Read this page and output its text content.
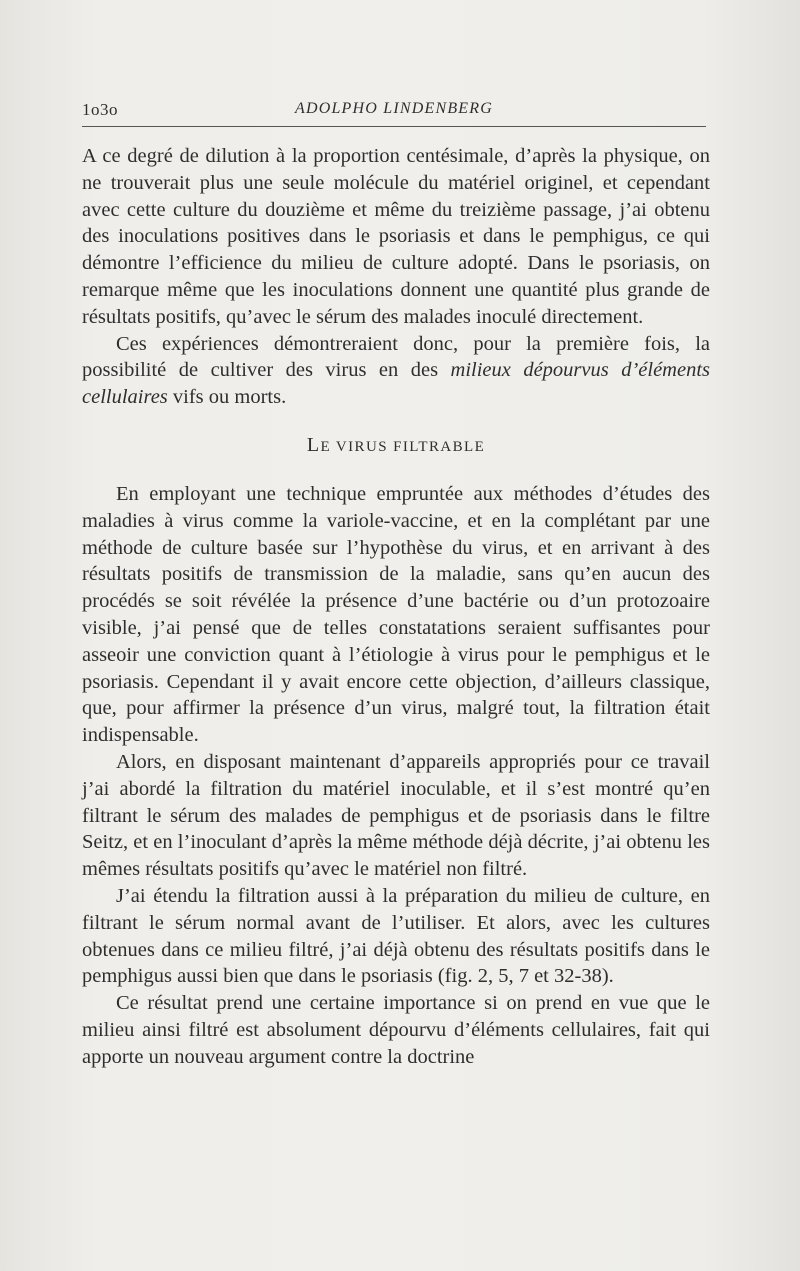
1o3o	ADOLPHO LINDENBERG

A ce degré de dilution à la proportion centésimale, d’après la physique, on ne trouverait plus une seule molécule du matériel originel, et cependant avec cette culture du douzième et même du treizième passage, j’ai obtenu des inoculations positives dans le psoriasis et dans le pemphigus, ce qui démontre l’efficience du milieu de culture adopté. Dans le psoriasis, on remarque même que les inoculations donnent une quantité plus grande de résultats positifs, qu’avec le sérum des malades inoculé directement.

Ces expériences démontreraient donc, pour la première fois, la possibilité de cultiver des virus en des milieux dépourvus d’éléments cellulaires vifs ou morts.

LE VIRUS FILTRABLE

En employant une technique empruntée aux méthodes d’études des maladies à virus comme la variole-vaccine, et en la complétant par une méthode de culture basée sur l’hypothèse du virus, et en arrivant à des résultats positifs de transmission de la maladie, sans qu’en aucun des procédés se soit révélée la présence d’une bactérie ou d’un protozoaire visible, j’ai pensé que de telles constatations seraient suffisantes pour asseoir une conviction quant à l’étiologie à virus pour le pemphigus et le psoriasis. Cependant il y avait encore cette objection, d’ailleurs classique, que, pour affirmer la présence d’un virus, malgré tout, la filtration était indispensable.

Alors, en disposant maintenant d’appareils appropriés pour ce travail j’ai abordé la filtration du matériel inoculable, et il s’est montré qu’en filtrant le sérum des malades de pemphigus et de psoriasis dans le filtre Seitz, et en l’inoculant d’après la même méthode déjà décrite, j’ai obtenu les mêmes résultats positifs qu’avec le matériel non filtré.

J’ai étendu la filtration aussi à la préparation du milieu de culture, en filtrant le sérum normal avant de l’utiliser. Et alors, avec les cultures obtenues dans ce milieu filtré, j’ai déjà obtenu des résultats positifs dans le pemphigus aussi bien que dans le psoriasis (fig. 2, 5, 7 et 32-38).

Ce résultat prend une certaine importance si on prend en vue que le milieu ainsi filtré est absolument dépourvu d’éléments cellulaires, fait qui apporte un nouveau argument contre la doctrine
